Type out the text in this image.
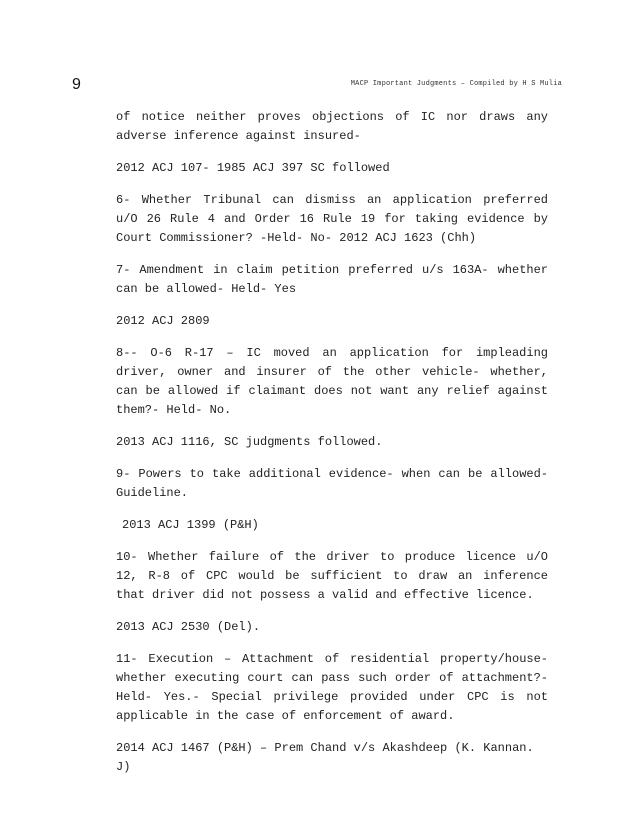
9	MACP Important Judgments – Compiled by H S Mulia

of notice neither proves objections of IC nor draws any adverse inference against insured-

2012 ACJ 107- 1985 ACJ 397 SC followed

6- Whether Tribunal can dismiss an application preferred u/O 26 Rule 4 and Order 16 Rule 19 for taking evidence by Court Commissioner? -Held- No- 2012 ACJ 1623 (Chh)

7- Amendment in claim petition preferred u/s 163A- whether can be allowed- Held- Yes

2012 ACJ 2809

8-- O-6 R-17 – IC moved an application for impleading driver, owner and insurer of the other vehicle- whether, can be allowed if claimant does not want any relief against them?- Held- No.

2013 ACJ 1116, SC judgments followed.

9- Powers to take additional evidence- when can be allowed- Guideline.

2013 ACJ 1399 (P&H)

10- Whether failure of the driver to produce licence u/O 12, R-8 of CPC would be sufficient to draw an inference that driver did not possess a valid and effective licence.

2013 ACJ 2530 (Del).

11- Execution – Attachment of residential property/house- whether executing court can pass such order of attachment?- Held- Yes.- Special privilege provided under CPC is not applicable in the case of enforcement of award.

2014 ACJ 1467 (P&H) – Prem Chand v/s Akashdeep (K. Kannan. J)
